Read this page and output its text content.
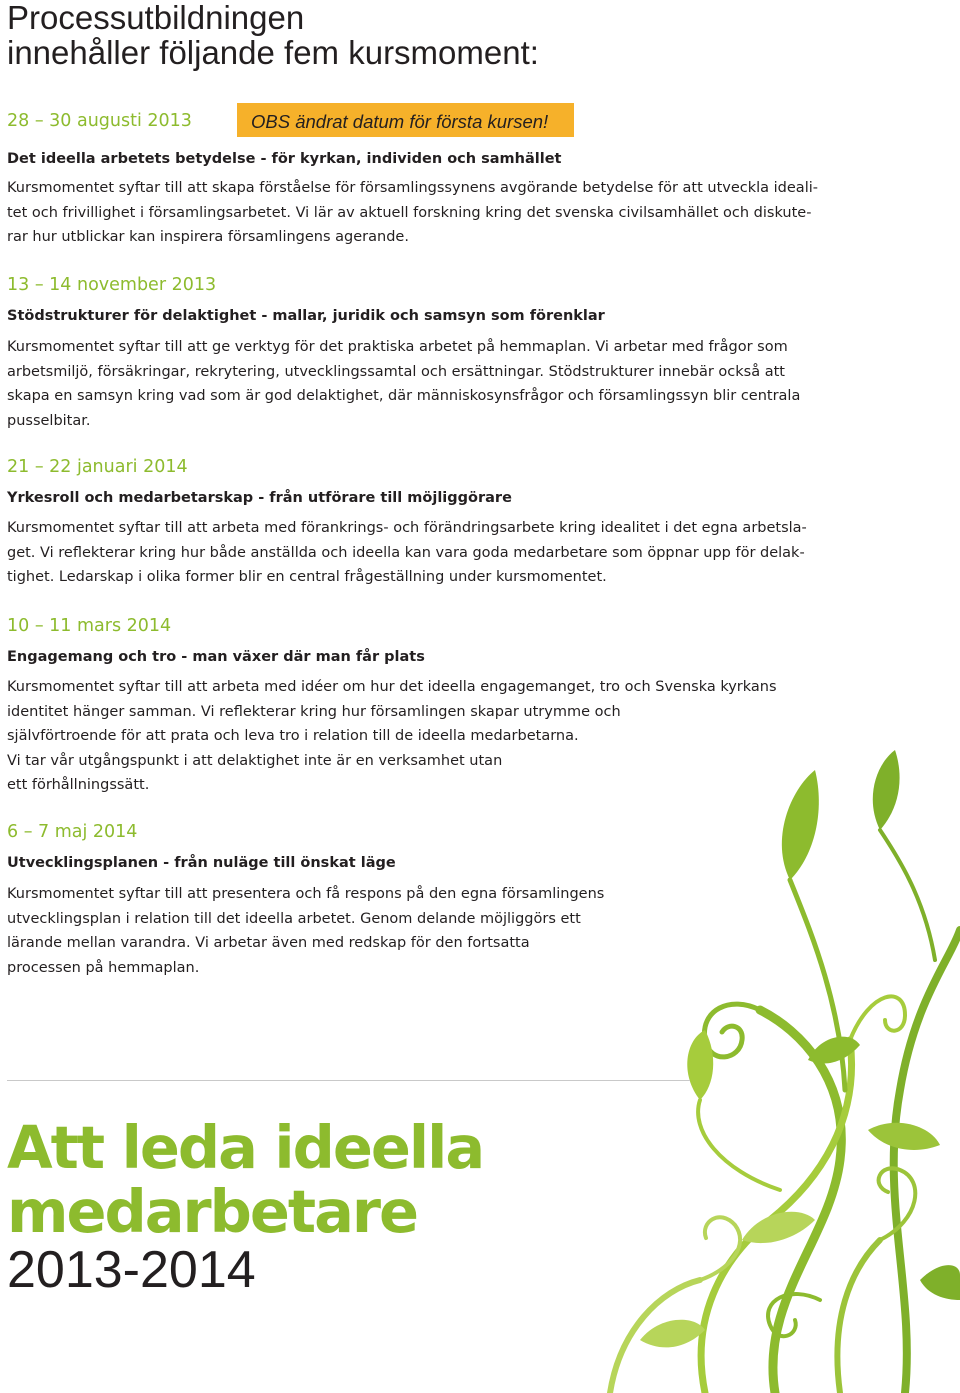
Processutbildningen
innehåller följande fem kursmoment:
28 – 30 augusti 2013	OBS ändrat datum för första kursen!
Det ideella arbetets betydelse - för kyrkan, individen och samhället
Kursmomentet syftar till att skapa förståelse för församlingssynens avgörande betydelse för att utveckla ideali-
tet och frivillighet i församlingsarbetet. Vi lär av aktuell forskning kring det svenska civilsamhället och diskute-
rar hur utblickar kan inspirera församlingens agerande.
13 – 14 november 2013
Stödstrukturer för delaktighet - mallar, juridik och samsyn som förenklar
Kursmomentet syftar till att ge verktyg för det praktiska arbetet på hemmaplan. Vi arbetar med frågor som
arbetsmiljö, försäkringar, rekrytering, utvecklingssamtal och ersättningar. Stödstrukturer innebär också att
skapa en samsyn kring vad som är god delaktighet, där människosynsfrågor och församlingssyn blir centrala
pusselbitar.
21 – 22 januari 2014
Yrkesroll och medarbetarskap - från utförare till möjliggörare
Kursmomentet syftar till att arbeta med förankrings- och förändringsarbete kring idealitet i det egna arbetsla-
get. Vi reflekterar kring hur både anställda och ideella kan vara goda medarbetare som öppnar upp för delak-
tighet. Ledarskap i olika former blir en central frågeställning under kursmomentet.
10 – 11 mars 2014
Engagemang och tro - man växer där man får plats
Kursmomentet syftar till att arbeta med idéer om hur det ideella engagemanget, tro och Svenska kyrkans
identitet hänger samman. Vi reflekterar kring hur församlingen skapar utrymme och
självförtroende för att prata och leva tro i relation till de ideella medarbetarna.
Vi tar vår utgångspunkt i att delaktighet inte är en verksamhet utan
ett förhållningssätt.
6 – 7 maj 2014
Utvecklingsplanen - från nuläge till önskat läge
Kursmomentet syftar till att presentera och få respons på den egna församlingens
utvecklingsplan i relation till det ideella arbetet. Genom delande möjliggörs ett
lärande mellan varandra. Vi arbetar även med redskap för den fortsatta
processen på hemmaplan.
Att leda ideella
medarbetare
2013-2014
